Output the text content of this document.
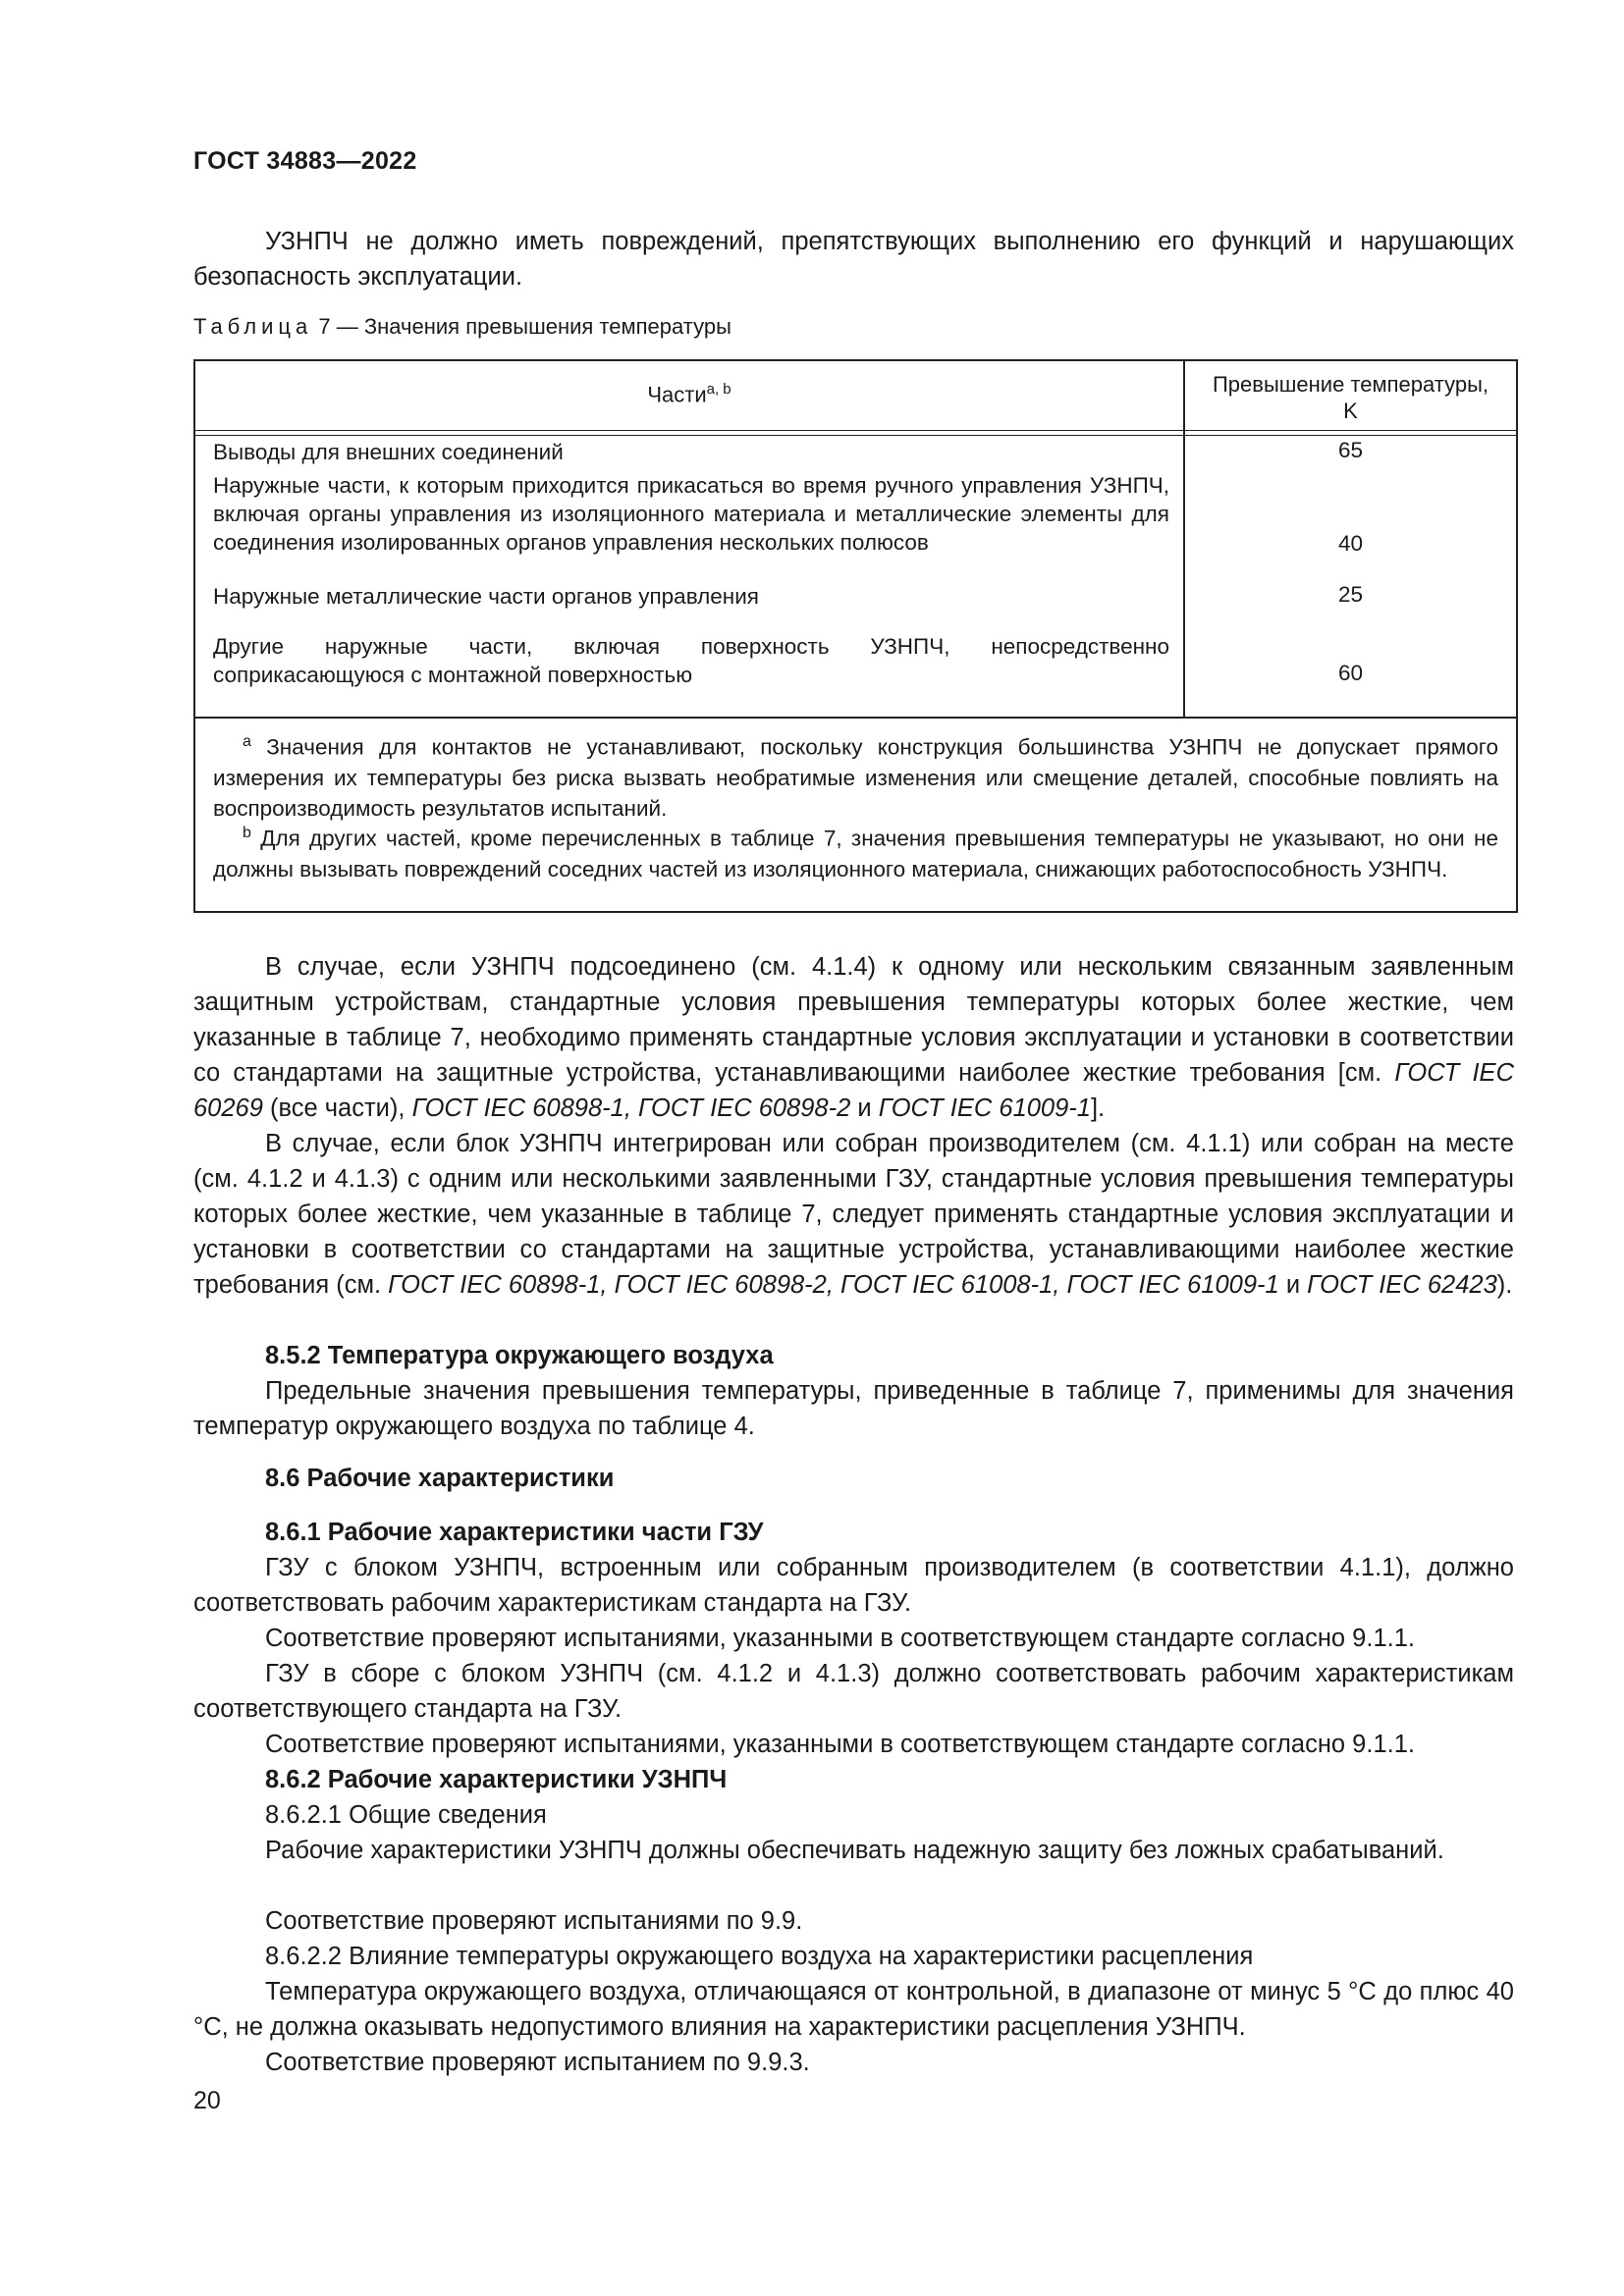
ГОСТ 34883—2022
УЗНПЧ не должно иметь повреждений, препятствующих выполнению его функций и нарушающих безопасность эксплуатации.
Таблица 7 — Значения превышения температуры
Части$^{a, b}$	Превышение температуры,
K
Выводы для внешних соединений	65
Наружные части, к которым приходится прикасаться во время ручного управления УЗНПЧ, включая органы управления из изоляционного материала и металлические элементы для соединения изолированных органов управления нескольких полюсов	40
Наружные металлические части органов управления	25
Другие наружные части, включая поверхность УЗНПЧ, непосредственно
соприкасающуюся с монтажной поверхностью	60
$^a$ Значения для контактов не устанавливают, поскольку конструкция большинства УЗНПЧ не допускает прямого измерения их температуры без риска вызвать необратимые изменения или смещение деталей, способные повлиять на воспроизводимость результатов испытаний.
$^b$ Для других частей, кроме перечисленных в таблице 7, значения превышения температуры не указывают, но они не должны вызывать повреждений соседних частей из изоляционного материала, снижающих работоспособность УЗНПЧ.
В случае, если УЗНПЧ подсоединено (см. 4.1.4) к одному или нескольким связанным заявленным защитным устройствам, стандартные условия превышения температуры которых более жесткие, чем указанные в таблице 7, необходимо применять стандартные условия эксплуатации и установки в соответствии со стандартами на защитные устройства, устанавливающими наиболее жесткие требования [см. ГОСТ IEC 60269 (все части), ГОСТ IEC 60898-1, ГОСТ IEC 60898-2 и ГОСТ IEC 61009-1].
В случае, если блок УЗНПЧ интегрирован или собран производителем (см. 4.1.1) или собран на месте (см. 4.1.2 и 4.1.3) с одним или несколькими заявленными ГЗУ, стандартные условия превышения температуры которых более жесткие, чем указанные в таблице 7, следует применять стандартные условия эксплуатации и установки в соответствии со стандартами на защитные устройства, устанавливающими наиболее жесткие требования (см. ГОСТ IEC 60898-1, ГОСТ IEC 60898-2, ГОСТ IEC 61008-1, ГОСТ IEC 61009-1 и ГОСТ IEC 62423).
8.5.2 Температура окружающего воздуха
Предельные значения превышения температуры, приведенные в таблице 7, применимы для значения температур окружающего воздуха по таблице 4.
8.6 Рабочие характеристики
8.6.1 Рабочие характеристики части ГЗУ
ГЗУ с блоком УЗНПЧ, встроенным или собранным производителем (в соответствии 4.1.1), должно соответствовать рабочим характеристикам стандарта на ГЗУ.
Соответствие проверяют испытаниями, указанными в соответствующем стандарте согласно 9.1.1.
ГЗУ в сборе с блоком УЗНПЧ (см. 4.1.2 и 4.1.3) должно соответствовать рабочим характеристикам соответствующего стандарта на ГЗУ.
Соответствие проверяют испытаниями, указанными в соответствующем стандарте согласно 9.1.1.
8.6.2 Рабочие характеристики УЗНПЧ
8.6.2.1 Общие сведения
Рабочие характеристики УЗНПЧ должны обеспечивать надежную защиту без ложных срабатываний.
Соответствие проверяют испытаниями по 9.9.
8.6.2.2 Влияние температуры окружающего воздуха на характеристики расцепления
Температура окружающего воздуха, отличающаяся от контрольной, в диапазоне от минус 5 °С до плюс 40 °С, не должна оказывать недопустимого влияния на характеристики расцепления УЗНПЧ.
Соответствие проверяют испытанием по 9.9.3.
20
